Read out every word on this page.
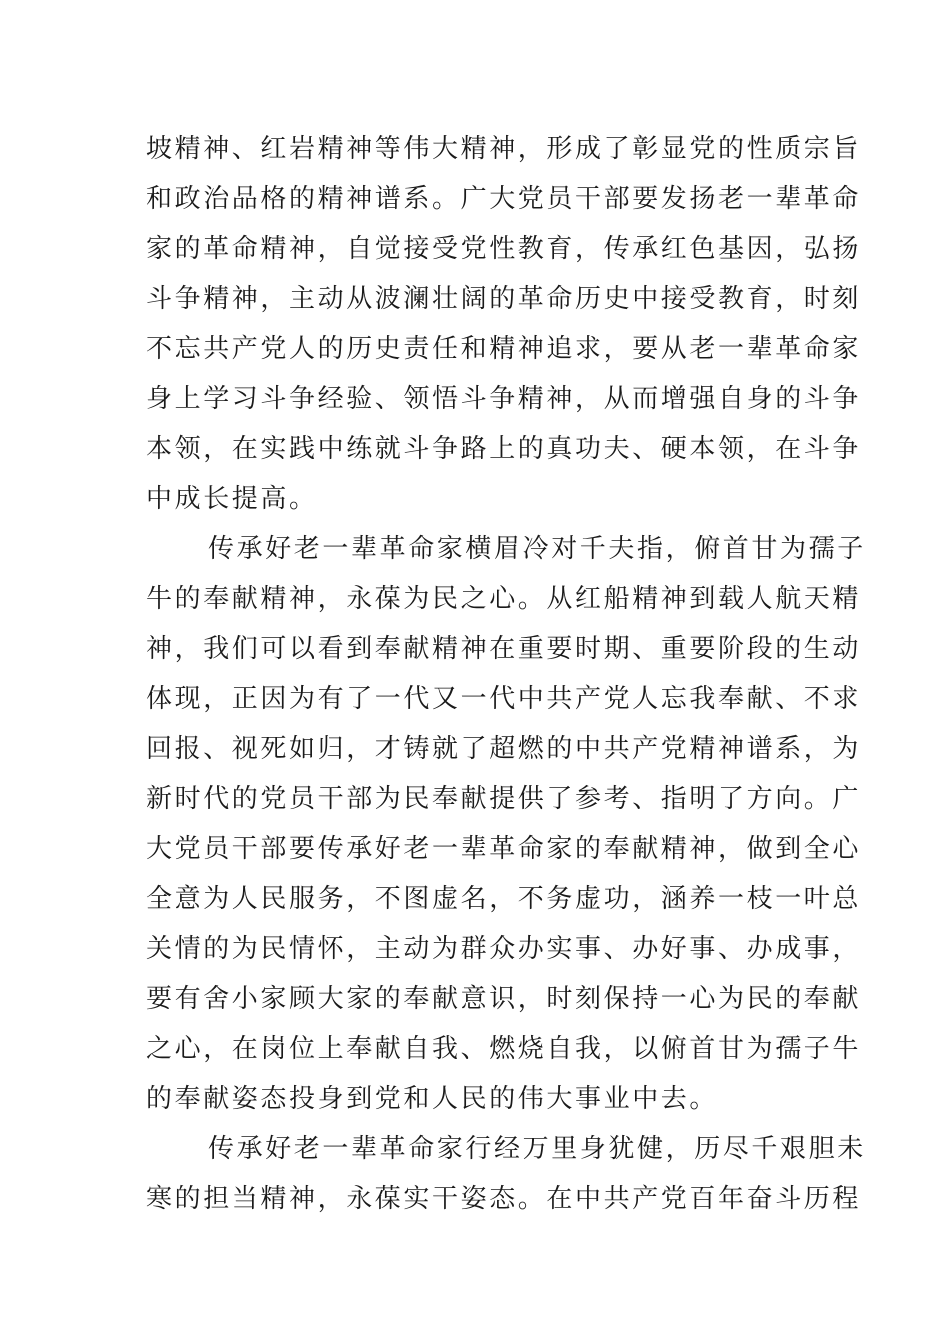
坡精神、红岩精神等伟大精神，形成了彰显党的性质宗旨
和政治品格的精神谱系。广大党员干部要发扬老一辈革命
家的革命精神，自觉接受党性教育，传承红色基因，弘扬
斗争精神，主动从波澜壮阔的革命历史中接受教育，时刻
不忘共产党人的历史责任和精神追求，要从老一辈革命家
身上学习斗争经验、领悟斗争精神，从而增强自身的斗争
本领，在实践中练就斗争路上的真功夫、硬本领，在斗争
中成长提高。
传承好老一辈革命家横眉冷对千夫指，俯首甘为孺子
牛的奉献精神，永葆为民之心。从红船精神到载人航天精
神，我们可以看到奉献精神在重要时期、重要阶段的生动
体现，正因为有了一代又一代中共产党人忘我奉献、不求
回报、视死如归，才铸就了超燃的中共产党精神谱系，为
新时代的党员干部为民奉献提供了参考、指明了方向。广
大党员干部要传承好老一辈革命家的奉献精神，做到全心
全意为人民服务，不图虚名，不务虚功，涵养一枝一叶总
关情的为民情怀，主动为群众办实事、办好事、办成事，
要有舍小家顾大家的奉献意识，时刻保持一心为民的奉献
之心，在岗位上奉献自我、燃烧自我，以俯首甘为孺子牛
的奉献姿态投身到党和人民的伟大事业中去。
传承好老一辈革命家行经万里身犹健，历尽千艰胆未
寒的担当精神，永葆实干姿态。在中共产党百年奋斗历程
